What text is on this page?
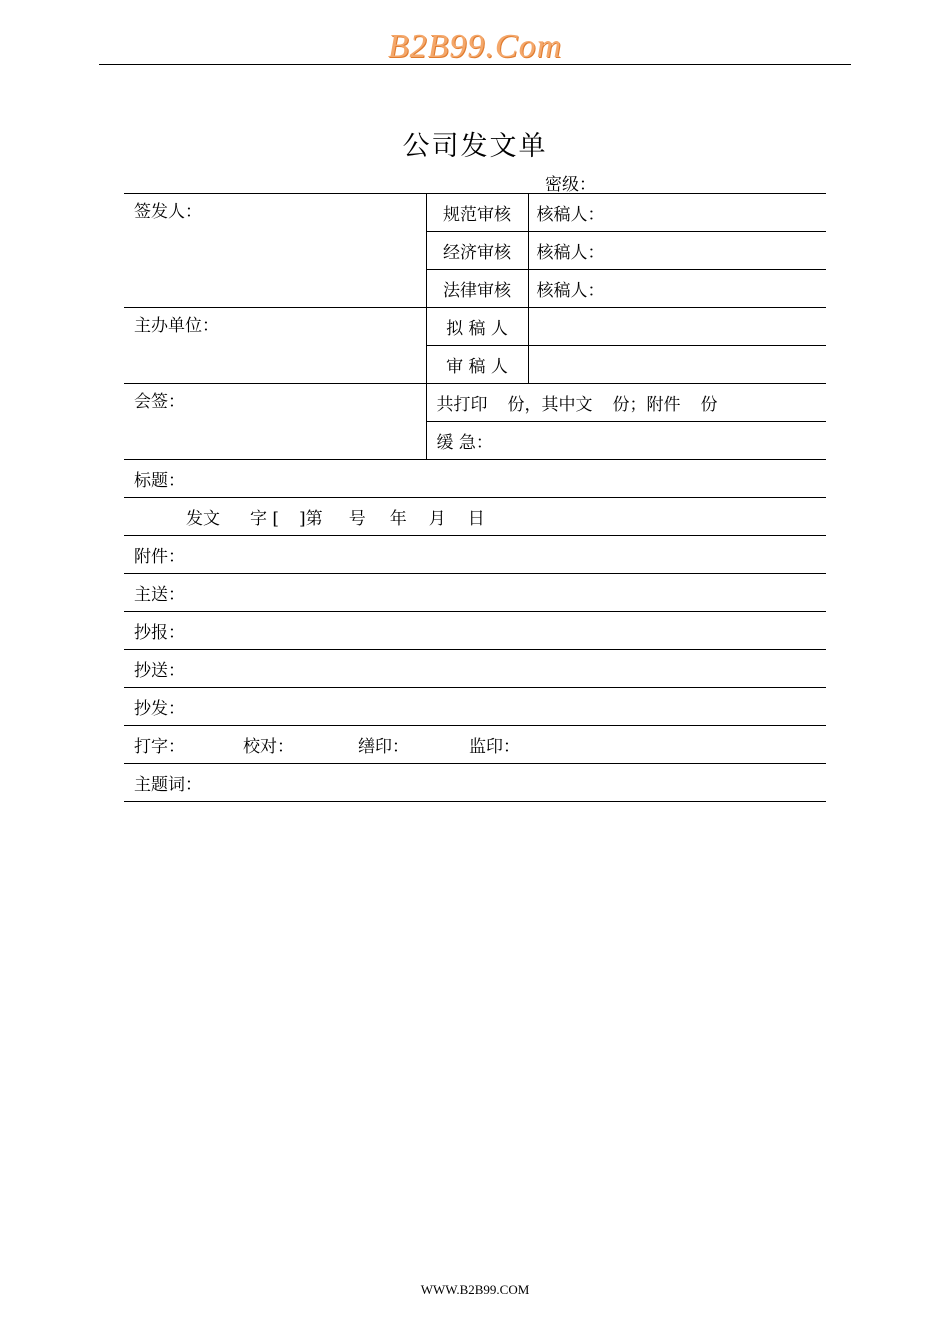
B2B99.Com
公司发文单
密级：
签发人：	规范审核	核稿人：
	经济审核	核稿人：
	法律审核	核稿人：
主办单位：	拟 稿 人	
	审 稿 人	
会签：	共打印 份，其中文 份；附件 份	
	缓 急：	
标题：		
发文 字 [ ]第 号 年 月 日		
附件：		
主送：		
抄报：		
抄送：		
抄发：		
打字： 校对： 缮印： 监印：		
主题词：		
WWW.B2B99.COM
